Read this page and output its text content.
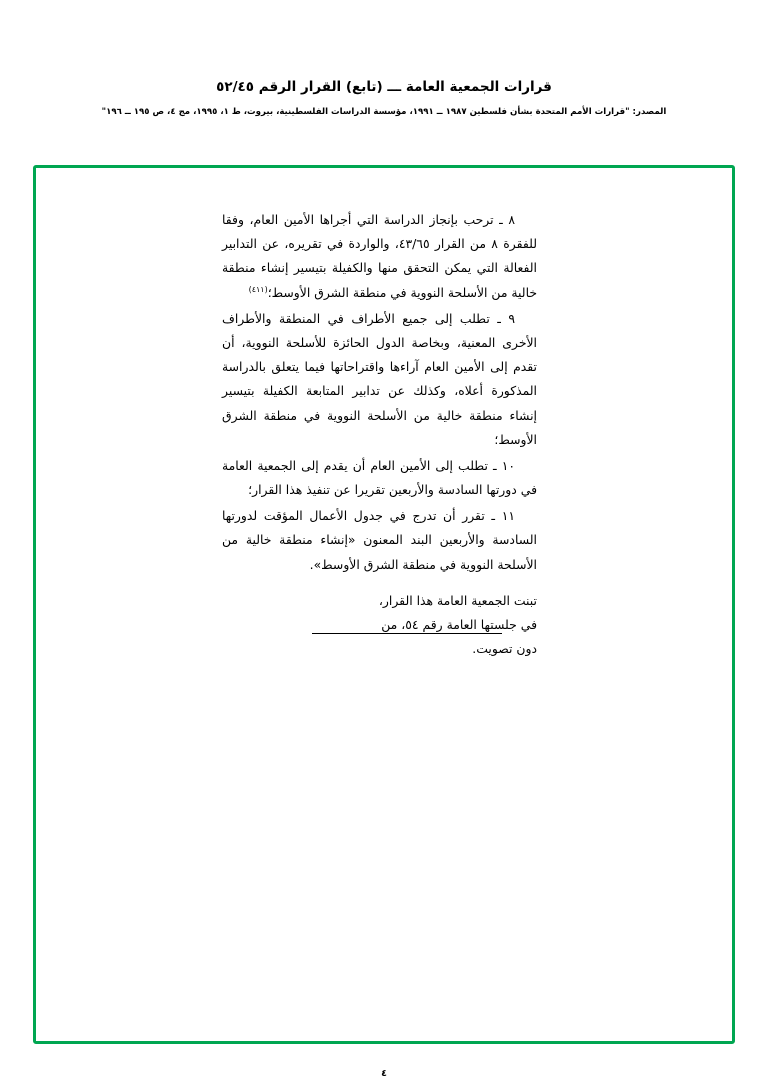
قرارات الجمعية العامة ـــ (تابع) القرار الرقم ٥٢/٤٥
المصدر: "قرارات الأمم المتحدة بشأن فلسطين ١٩٨٧ ــ ١٩٩١، مؤسسة الدراسات الفلسطينية، بيروت، ط ١، ١٩٩٥، مج ٤، ص ١٩٥ ــ ١٩٦"

٨ ـ ترحب بإنجاز الدراسة التي أجراها الأمين العام، وفقا للفقرة ٨ من القرار ٤٣/٦٥، والواردة في تقريره، عن التدابير الفعالة التي يمكن التحقق منها والكفيلة بتيسير إنشاء منطقة خالية من الأسلحة النووية في منطقة الشرق الأوسط؛$^{(٤١١)}$

٩ ـ تطلب إلى جميع الأطراف في المنطقة والأطراف الأخرى المعنية، وبخاصة الدول الحائزة للأسلحة النووية، أن تقدم إلى الأمين العام آراءها واقتراحاتها فيما يتعلق بالدراسة المذكورة أعلاه، وكذلك عن تدابير المتابعة الكفيلة بتيسير إنشاء منطقة خالية من الأسلحة النووية في منطقة الشرق الأوسط؛

١٠ ـ تطلب إلى الأمين العام أن يقدم إلى الجمعية العامة في دورتها السادسة والأربعين تقريرا عن تنفيذ هذا القرار؛

١١ ـ تقرر أن تدرج في جدول الأعمال المؤقت لدورتها السادسة والأربعين البند المعنون «إنشاء منطقة خالية من الأسلحة النووية في منطقة الشرق الأوسط».

تبنت الجمعية العامة هذا القرار،
في جلستها العامة رقم ٥٤، من
دون تصويت.
٤
